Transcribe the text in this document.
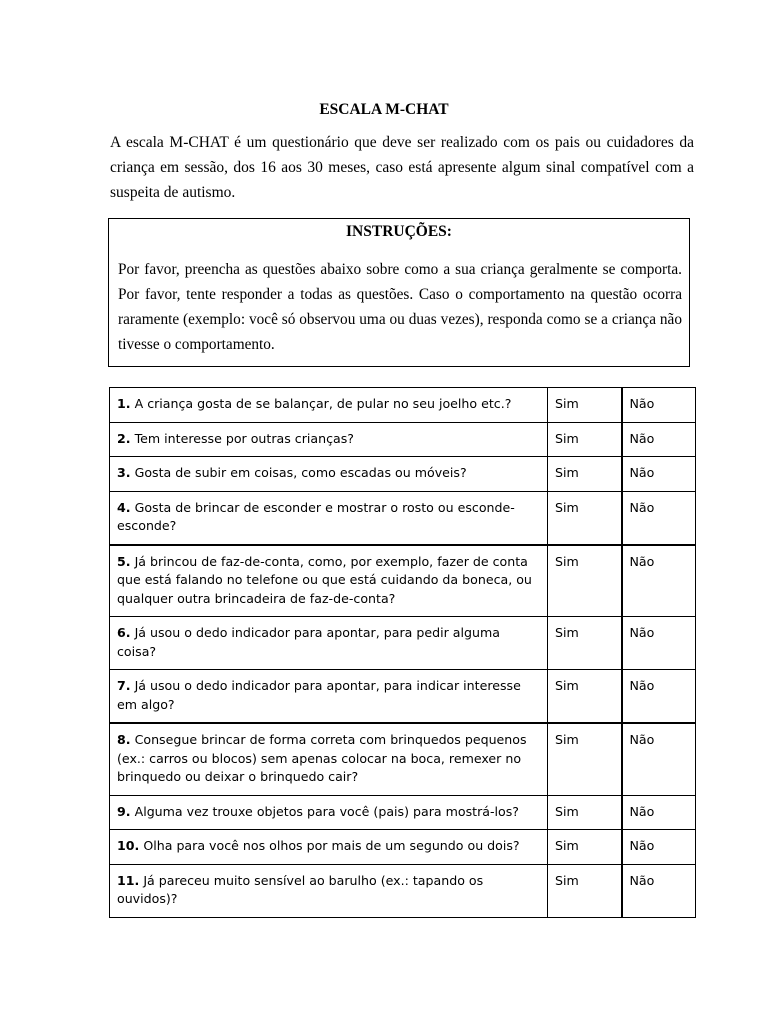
ESCALA M-CHAT

A escala M-CHAT é um questionário que deve ser realizado com os pais ou cuidadores da criança em sessão, dos 16 aos 30 meses, caso está apresente algum sinal compatível com a suspeita de autismo.

INSTRUÇÕES:

Por favor, preencha as questões abaixo sobre como a sua criança geralmente se comporta. Por favor, tente responder a todas as questões. Caso o comportamento na questão ocorra raramente (exemplo: você só observou uma ou duas vezes), responda como se a criança não tivesse o comportamento.

1. A criança gosta de se balançar, de pular no seu joelho etc.?	Sim	Não
2. Tem interesse por outras crianças?	Sim	Não
3. Gosta de subir em coisas, como escadas ou móveis?	Sim	Não
4. Gosta de brincar de esconder e mostrar o rosto ou esconde-esconde?	Sim	Não
5. Já brincou de faz-de-conta, como, por exemplo, fazer de conta que está falando no telefone ou que está cuidando da boneca, ou qualquer outra brincadeira de faz-de-conta?	Sim	Não
6. Já usou o dedo indicador para apontar, para pedir alguma coisa?	Sim	Não
7. Já usou o dedo indicador para apontar, para indicar interesse em algo?	Sim	Não
8. Consegue brincar de forma correta com brinquedos pequenos (ex.: carros ou blocos) sem apenas colocar na boca, remexer no brinquedo ou deixar o brinquedo cair?	Sim	Não
9. Alguma vez trouxe objetos para você (pais) para mostrá-los?	Sim	Não
10. Olha para você nos olhos por mais de um segundo ou dois?	Sim	Não
11. Já pareceu muito sensível ao barulho (ex.: tapando os ouvidos)?	Sim	Não
